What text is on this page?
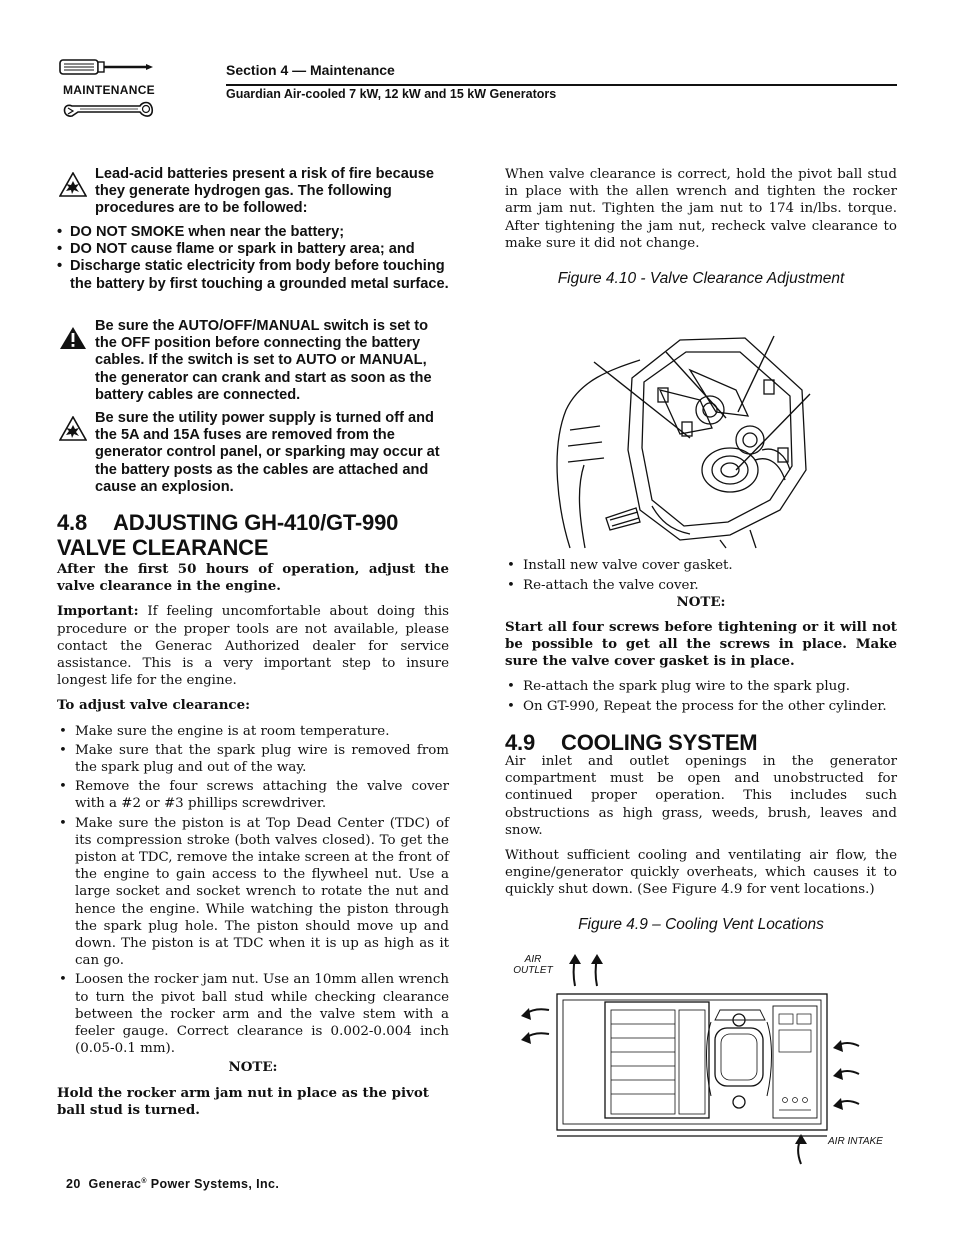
MAINTENANCE
Section 4 — Maintenance
Guardian Air-cooled 7 kW, 12 kW and 15 kW Generators
Lead-acid batteries present a risk of fire because they generate hydrogen gas. The following procedures are to be followed:
• DO NOT SMOKE when near the battery;
• DO NOT cause flame or spark in battery area; and
• Discharge static electricity from body before touching the battery by first touching a grounded metal surface.
Be sure the AUTO/OFF/MANUAL switch is set to the OFF position before connecting the battery cables. If the switch is set to AUTO or MANUAL, the generator can crank and start as soon as the battery cables are connected.
Be sure the utility power supply is turned off and the 5A and 15A fuses are removed from the generator control panel, or sparking may occur at the battery posts as the cables are attached and cause an explosion.
4.8 ADJUSTING GH-410/GT-990 VALVE CLEARANCE

After the first 50 hours of operation, adjust the valve clearance in the engine.

Important: If feeling uncomfortable about doing this procedure or the proper tools are not available, please contact the Generac Authorized dealer for service assistance. This is a very important step to insure longest life for the engine.

To adjust valve clearance:

• Make sure the engine is at room temperature.
• Make sure that the spark plug wire is removed from the spark plug and out of the way.
• Remove the four screws attaching the valve cover with a #2 or #3 phillips screwdriver.
• Make sure the piston is at Top Dead Center (TDC) of its compression stroke (both valves closed). To get the piston at TDC, remove the intake screen at the front of the engine to gain access to the flywheel nut. Use a large socket and socket wrench to rotate the nut and hence the engine. While watching the piston through the spark plug hole. The piston should move up and down. The piston is at TDC when it is up as high as it can go.
• Loosen the rocker jam nut. Use an 10mm allen wrench to turn the pivot ball stud while checking clearance between the rocker arm and the valve stem with a feeler gauge. Correct clearance is 0.002-0.004 inch (0.05-0.1 mm).
NOTE:

Hold the rocker arm jam nut in place as the pivot ball stud is turned.

When valve clearance is correct, hold the pivot ball stud in place with the allen wrench and tighten the rocker arm jam nut. Tighten the jam nut to 174 in/lbs. torque. After tightening the jam nut, recheck valve clearance to make sure it did not change.

Figure 4.10 - Valve Clearance Adjustment
• Install new valve cover gasket.
• Re-attach the valve cover.
NOTE:

Start all four screws before tightening or it will not be possible to get all the screws in place. Make sure the valve cover gasket is in place.

• Re-attach the spark plug wire to the spark plug.
• On GT-990, Repeat the process for the other cylinder.
4.9 COOLING SYSTEM

Air inlet and outlet openings in the generator compartment must be open and unobstructed for continued proper operation. This includes such obstructions as high grass, weeds, brush, leaves and snow.

Without sufficient cooling and ventilating air flow, the engine/generator quickly overheats, which causes it to quickly shut down. (See Figure 4.9 for vent locations.)

Figure 4.9 – Cooling Vent Locations
AIR
OUTLET
AIR INTAKE
20 Generac® Power Systems, Inc.
